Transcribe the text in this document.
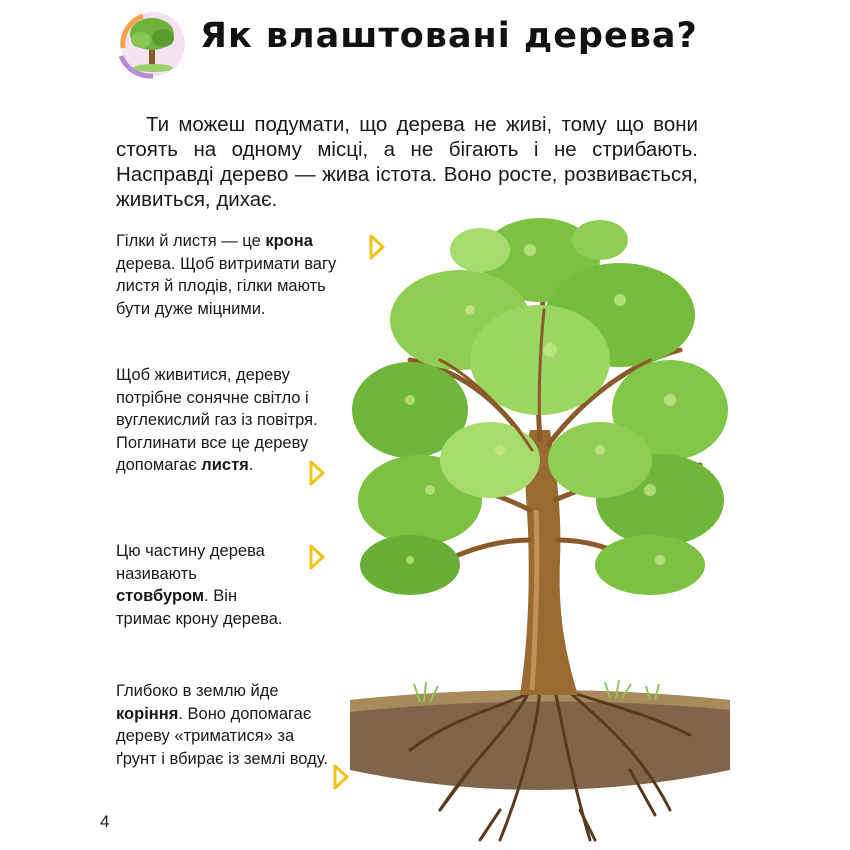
Як влаштовані дерева?

Ти можеш подумати, що дерева не живі, тому що вони стоять на одному місці, а не бігають і не стрибають. Насправді дерево — жива істота. Воно росте, розвивається, живиться, дихає.

Гілки й листя — це крона дерева. Щоб витримати вагу листя й плодів, гілки мають бути дуже міцними.
Щоб живитися, дереву потрібне сонячне світло і вуглекислий газ із повітря. Поглинати все це дереву допомагає листя.
Цю частину дерева називають стовбуром. Він тримає крону дерева.
Глибоко в землю йде коріння. Воно допомагає дереву «триматися» за ґрунт і вбирає із землі воду.
4
